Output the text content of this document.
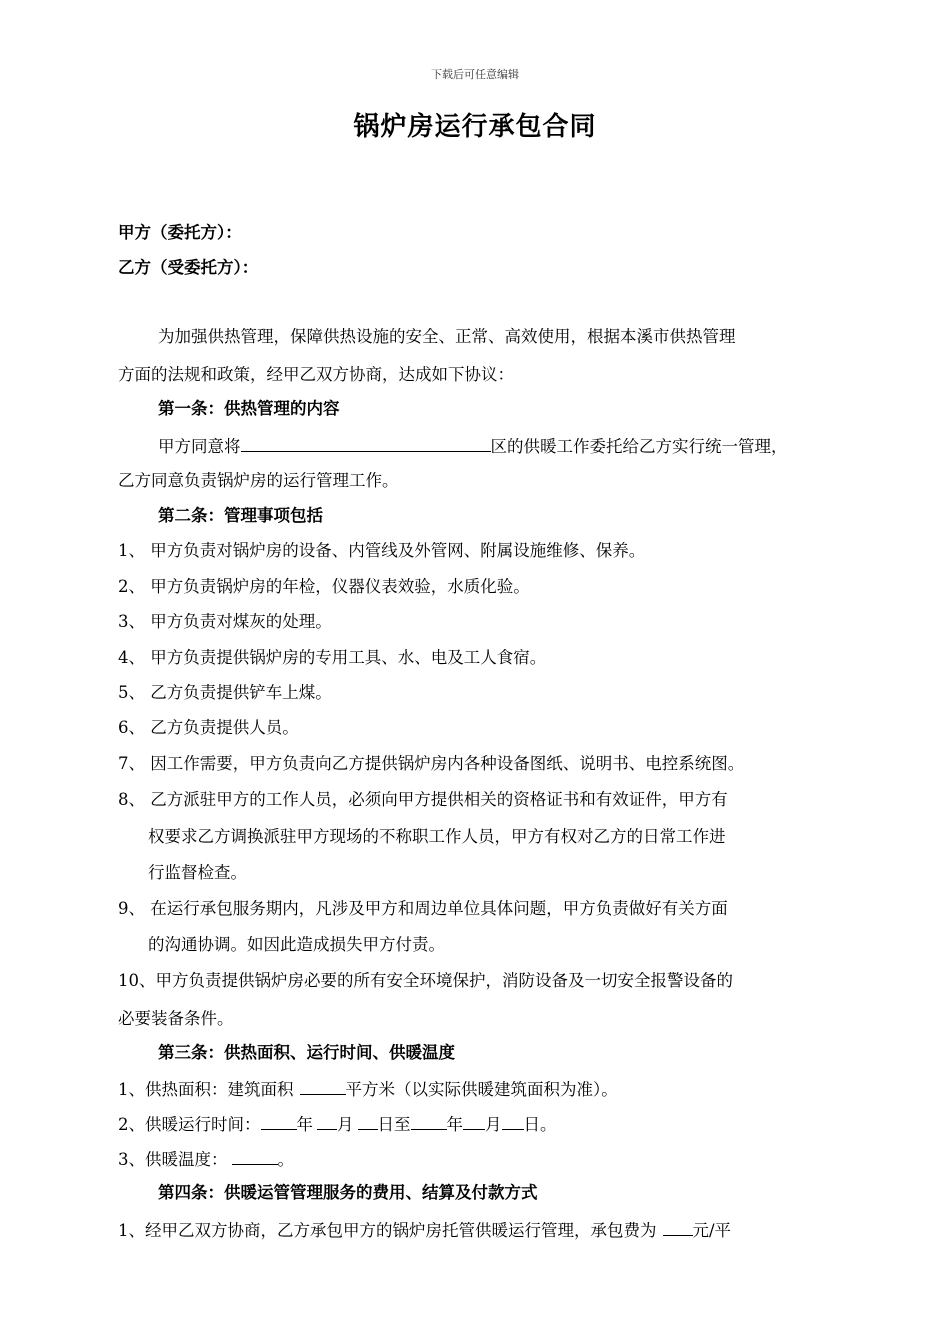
下载后可任意编辑
锅炉房运行承包合同
甲方（委托方）：
乙方（受委托方）：
为加强供热管理，保障供热设施的安全、正常、高效使用，根据本溪市供热管理
方面的法规和政策，经甲乙双方协商，达成如下协议：
第一条：供热管理的内容
甲方同意将	区的供暖工作委托给乙方实行统一管理，
乙方同意负责锅炉房的运行管理工作。
第二条：管理事项包括
1、 甲方负责对锅炉房的设备、内管线及外管网、附属设施维修、保养。
2、 甲方负责锅炉房的年检，仪器仪表效验，水质化验。
3、 甲方负责对煤灰的处理。
4、 甲方负责提供锅炉房的专用工具、水、电及工人食宿。
5、 乙方负责提供铲车上煤。
6、 乙方负责提供人员。
7、 因工作需要，甲方负责向乙方提供锅炉房内各种设备图纸、说明书、电控系统图。
8、 乙方派驻甲方的工作人员，必须向甲方提供相关的资格证书和有效证件，甲方有
权要求乙方调换派驻甲方现场的不称职工作人员，甲方有权对乙方的日常工作进
行监督检查。
9、 在运行承包服务期内，凡涉及甲方和周边单位具体问题，甲方负责做好有关方面
的沟通协调。如因此造成损失甲方付责。
10、甲方负责提供锅炉房必要的所有安全环境保护，消防设备及一切安全报警设备的
必要装备条件。
第三条：供热面积、运行时间、供暖温度
1、供热面积：建筑面积	平方米（以实际供暖建筑面积为准）。
2、供暖运行时间： 年 月 日至 年 月 日。
3、供暖温度：	。
第四条：供暖运管管理服务的费用、结算及付款方式
1、经甲乙双方协商，乙方承包甲方的锅炉房托管供暖运行管理，承包费为 元/平
